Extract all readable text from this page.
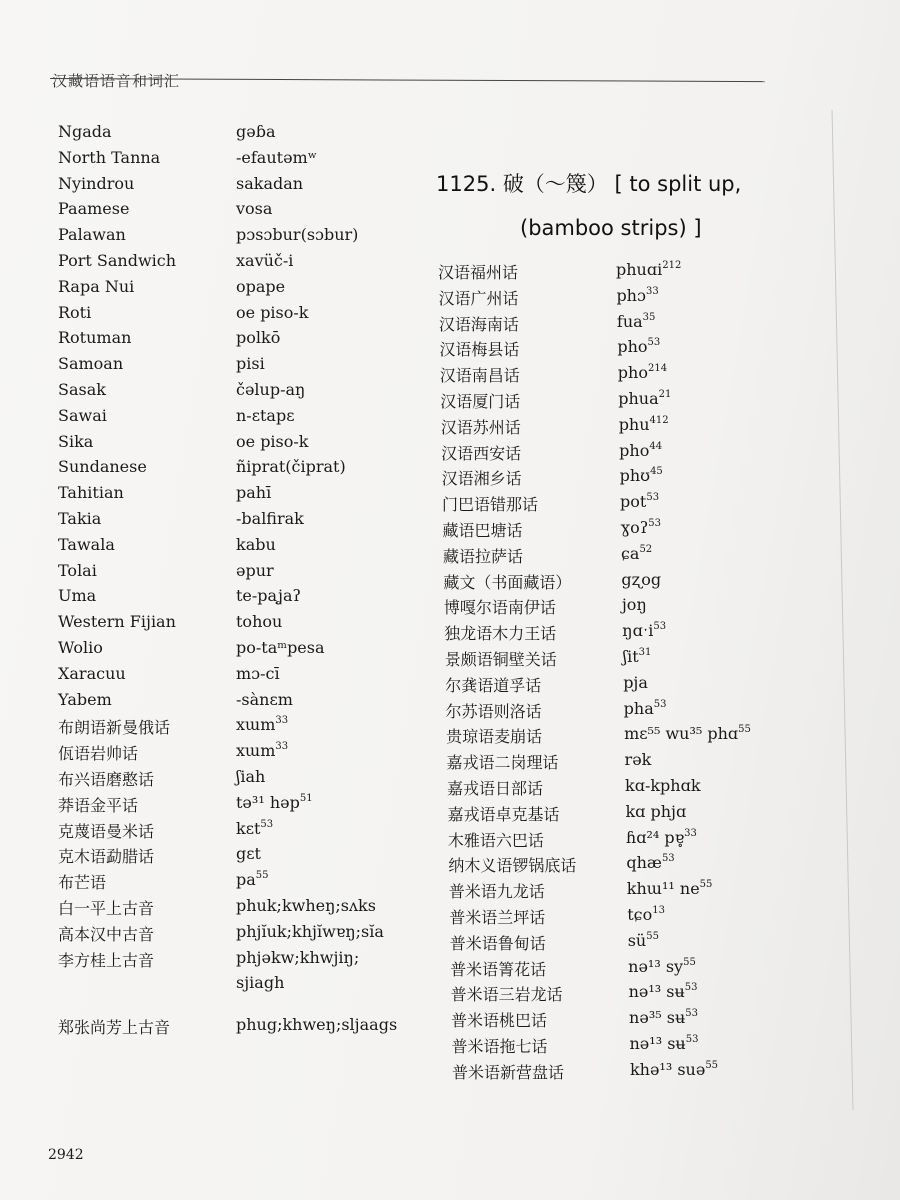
汉藏语语音和词汇
Ngada	gəɓa
North Tanna	-efautəmʷ
Nyindrou	sakadan
Paamese	vosa
Palawan	pɔsɔbur(sɔbur)
Port Sandwich	xavüč-i
Rapa Nui	opape
Roti	oe piso-k
Rotuman	polkō
Samoan	pisi
Sasak	čəlup-aŋ
Sawai	n-ɛtapɛ
Sika	oe piso-k
Sundanese	ñiprat(čiprat)
Tahitian	pahī
Takia	-balfirak
Tawala	kabu
Tolai	əpur
Uma	te-paʝaʔ
Western Fijian	tohou
Wolio	po-taᵐpesa
Xaracuu	mɔ-cī
Yabem	-sànɛm
布朗语新曼俄话	xɯm$^{33}$
佤语岩帅话	xɯm$^{33}$
布兴语磨憨话	ʃiah
莽语金平话	tə³¹ həp$^{51}$
克蔑语曼米话	kɛt$^{53}$
克木语勐腊话	gɛt
布芒语	$pa^{55}$
白一平上古音	phuk;kwheŋ;sʌks
高本汉中古音	phjĭuk;khjĭwɐŋ;sĭa
李方桂上古音	phjəkw;khwjiŋ;
sjiagh
郑张尚芳上古音	phug;khweŋ;sljaags
1125. 破（～篾） [ to split up,
(bamboo strips) ]
汉语福州话	phuɑi$^{212}$
汉语广州话	phɔ$^{33}$
汉语海南话	fua$^{35}$
汉语梅县话	pho$^{53}$
汉语南昌话	pho$^{214}$
汉语厦门话	phua$^{21}$
汉语苏州话	phu$^{412}$
汉语西安话	pho$^{44}$
汉语湘乡话	phʊ$^{45}$
门巴语错那话	pot$^{53}$
藏语巴塘话	ɣoʔ$^{53}$
藏语拉萨话	ɕa$^{52}$
藏文（书面藏语）	gʐog
博嘎尔语南伊话	joŋ
独龙语木力王话	ŋɑˑi$^{53}$
景颇语铜壁关话	ʃit$^{31}$
尔龚语道孚话	pja
尔苏语则洛话	pha$^{53}$
贵琼语麦崩话	mɛ⁵⁵ wu³⁵ phɑ$^{55}$
嘉戎语二岗理话	rək
嘉戎语日部话	kɑ-kphɑk
嘉戎语卓克基话	kɑ phjɑ
木雅语六巴话	ɦɑ²⁴ pɐ̥$^{33}$
纳木义语锣锅底话	qhæ$^{53}$
普米语九龙话	khɯ¹¹ $ne^{55}$
普米语兰坪话	tɕo$^{13}$
普米语鲁甸话	$sü^{55}$
普米语箐花话	nə¹³ $sy^{55}$
普米语三岩龙话	nə¹³ sʉ$^{53}$
普米语桃巴话	nə³⁵ sʉ$^{53}$
普米语拖七话	nə¹³ sʉ$^{53}$
普米语新营盘话	khə¹³ suə$^{55}$
2942
